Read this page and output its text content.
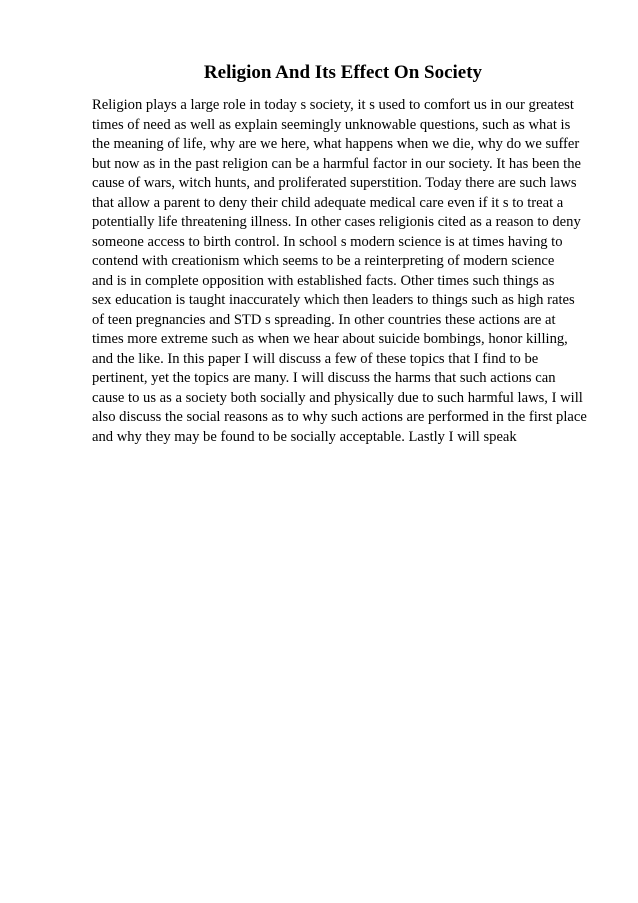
Religion And Its Effect On Society
Religion plays a large role in today s society, it s used to comfort us in our greatest
times of need as well as explain seemingly unknowable questions, such as what is
the meaning of life, why are we here, what happens when we die, why do we suffer
but now as in the past religion can be a harmful factor in our society. It has been the
cause of wars, witch hunts, and proliferated superstition. Today there are such laws
that allow a parent to deny their child adequate medical care even if it s to treat a
potentially life threatening illness. In other cases religionis cited as a reason to deny
someone access to birth control. In school s modern science is at times having to
contend with creationism which seems to be a reinterpreting of modern science
and is in complete opposition with established facts. Other times such things as
sex education is taught inaccurately which then leaders to things such as high rates
of teen pregnancies and STD s spreading. In other countries these actions are at
times more extreme such as when we hear about suicide bombings, honor killing,
and the like. In this paper I will discuss a few of these topics that I find to be
pertinent, yet the topics are many. I will discuss the harms that such actions can
cause to us as a society both socially and physically due to such harmful laws, I will
also discuss the social reasons as to why such actions are performed in the first place
and why they may be found to be socially acceptable. Lastly I will speak
